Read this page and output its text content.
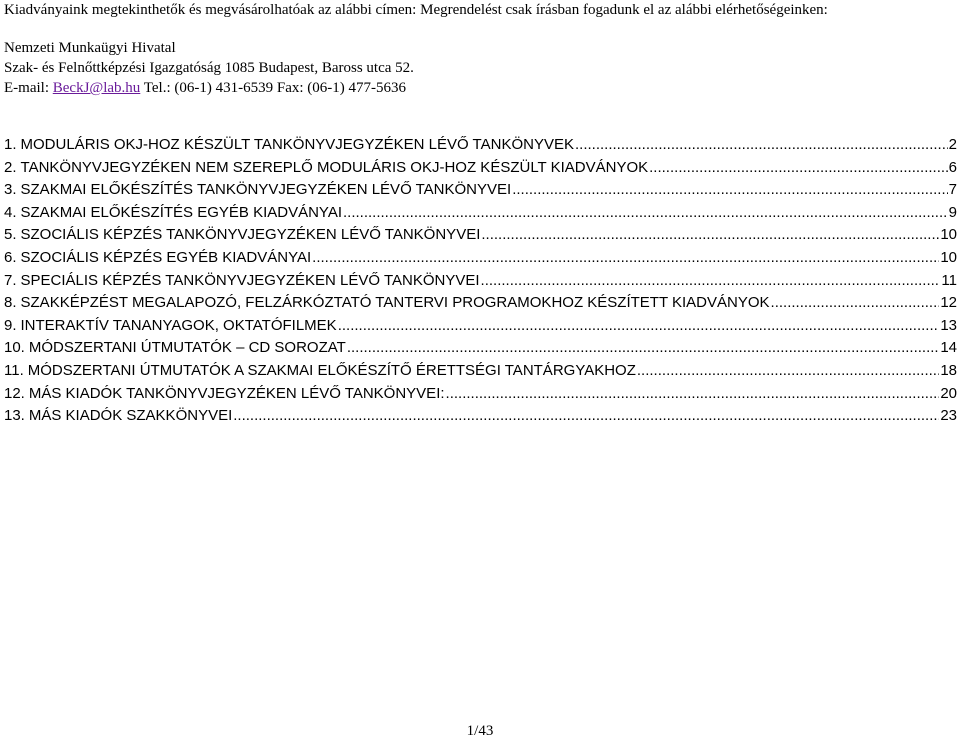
Kiadványaink megtekinthetők és megvásárolhatóak az alábbi címen: Megrendelést csak írásban fogadunk el az alábbi elérhetőségeinken:
Nemzeti Munkaügyi Hivatal
Szak- és Felnőttképzési Igazgatóság 1085 Budapest, Baross utca 52.
E-mail: BeckJ@lab.hu Tel.: (06-1) 431-6539 Fax: (06-1) 477-5636
1. MODULÁRIS OKJ-HOZ KÉSZÜLT TANKÖNYVJEGYZÉKEN LÉVŐ TANKÖNYVEK .....	2
2. TANKÖNYVJEGYZÉKEN NEM SZEREPLŐ MODULÁRIS OKJ-HOZ KÉSZÜLT KIADVÁNYOK .....	6
3. SZAKMAI ELŐKÉSZÍTÉS TANKÖNYVJEGYZÉKEN LÉVŐ TANKÖNYVEI .....	7
4. SZAKMAI ELŐKÉSZÍTÉS EGYÉB KIADVÁNYAI .....	9
5. SZOCIÁLIS KÉPZÉS TANKÖNYVJEGYZÉKEN LÉVŐ TANKÖNYVEI .....	10
6. SZOCIÁLIS KÉPZÉS EGYÉB KIADVÁNYAI .....	10
7. SPECIÁLIS KÉPZÉS TANKÖNYVJEGYZÉKEN LÉVŐ TANKÖNYVEI .....	11
8. SZAKKÉPZÉST MEGALAPOZÓ, FELZÁRKÓZTATÓ TANTERVI PROGRAMOKHOZ KÉSZÍTETT KIADVÁNYOK .....	12
9. INTERAKTÍV TANANYAGOK, OKTATÓFILMEK .....	13
10. MÓDSZERTANI ÚTMUTATÓK – CD SOROZAT .....	14
11. MÓDSZERTANI ÚTMUTATÓK A SZAKMAI ELŐKÉSZÍTŐ ÉRETTSÉGI TANTÁRGYAKHOZ .....	18
12. MÁS KIADÓK TANKÖNYVJEGYZÉKEN LÉVŐ TANKÖNYVEI: .....	20
13. MÁS KIADÓK SZAKKÖNYVEI .....	23
1/43
